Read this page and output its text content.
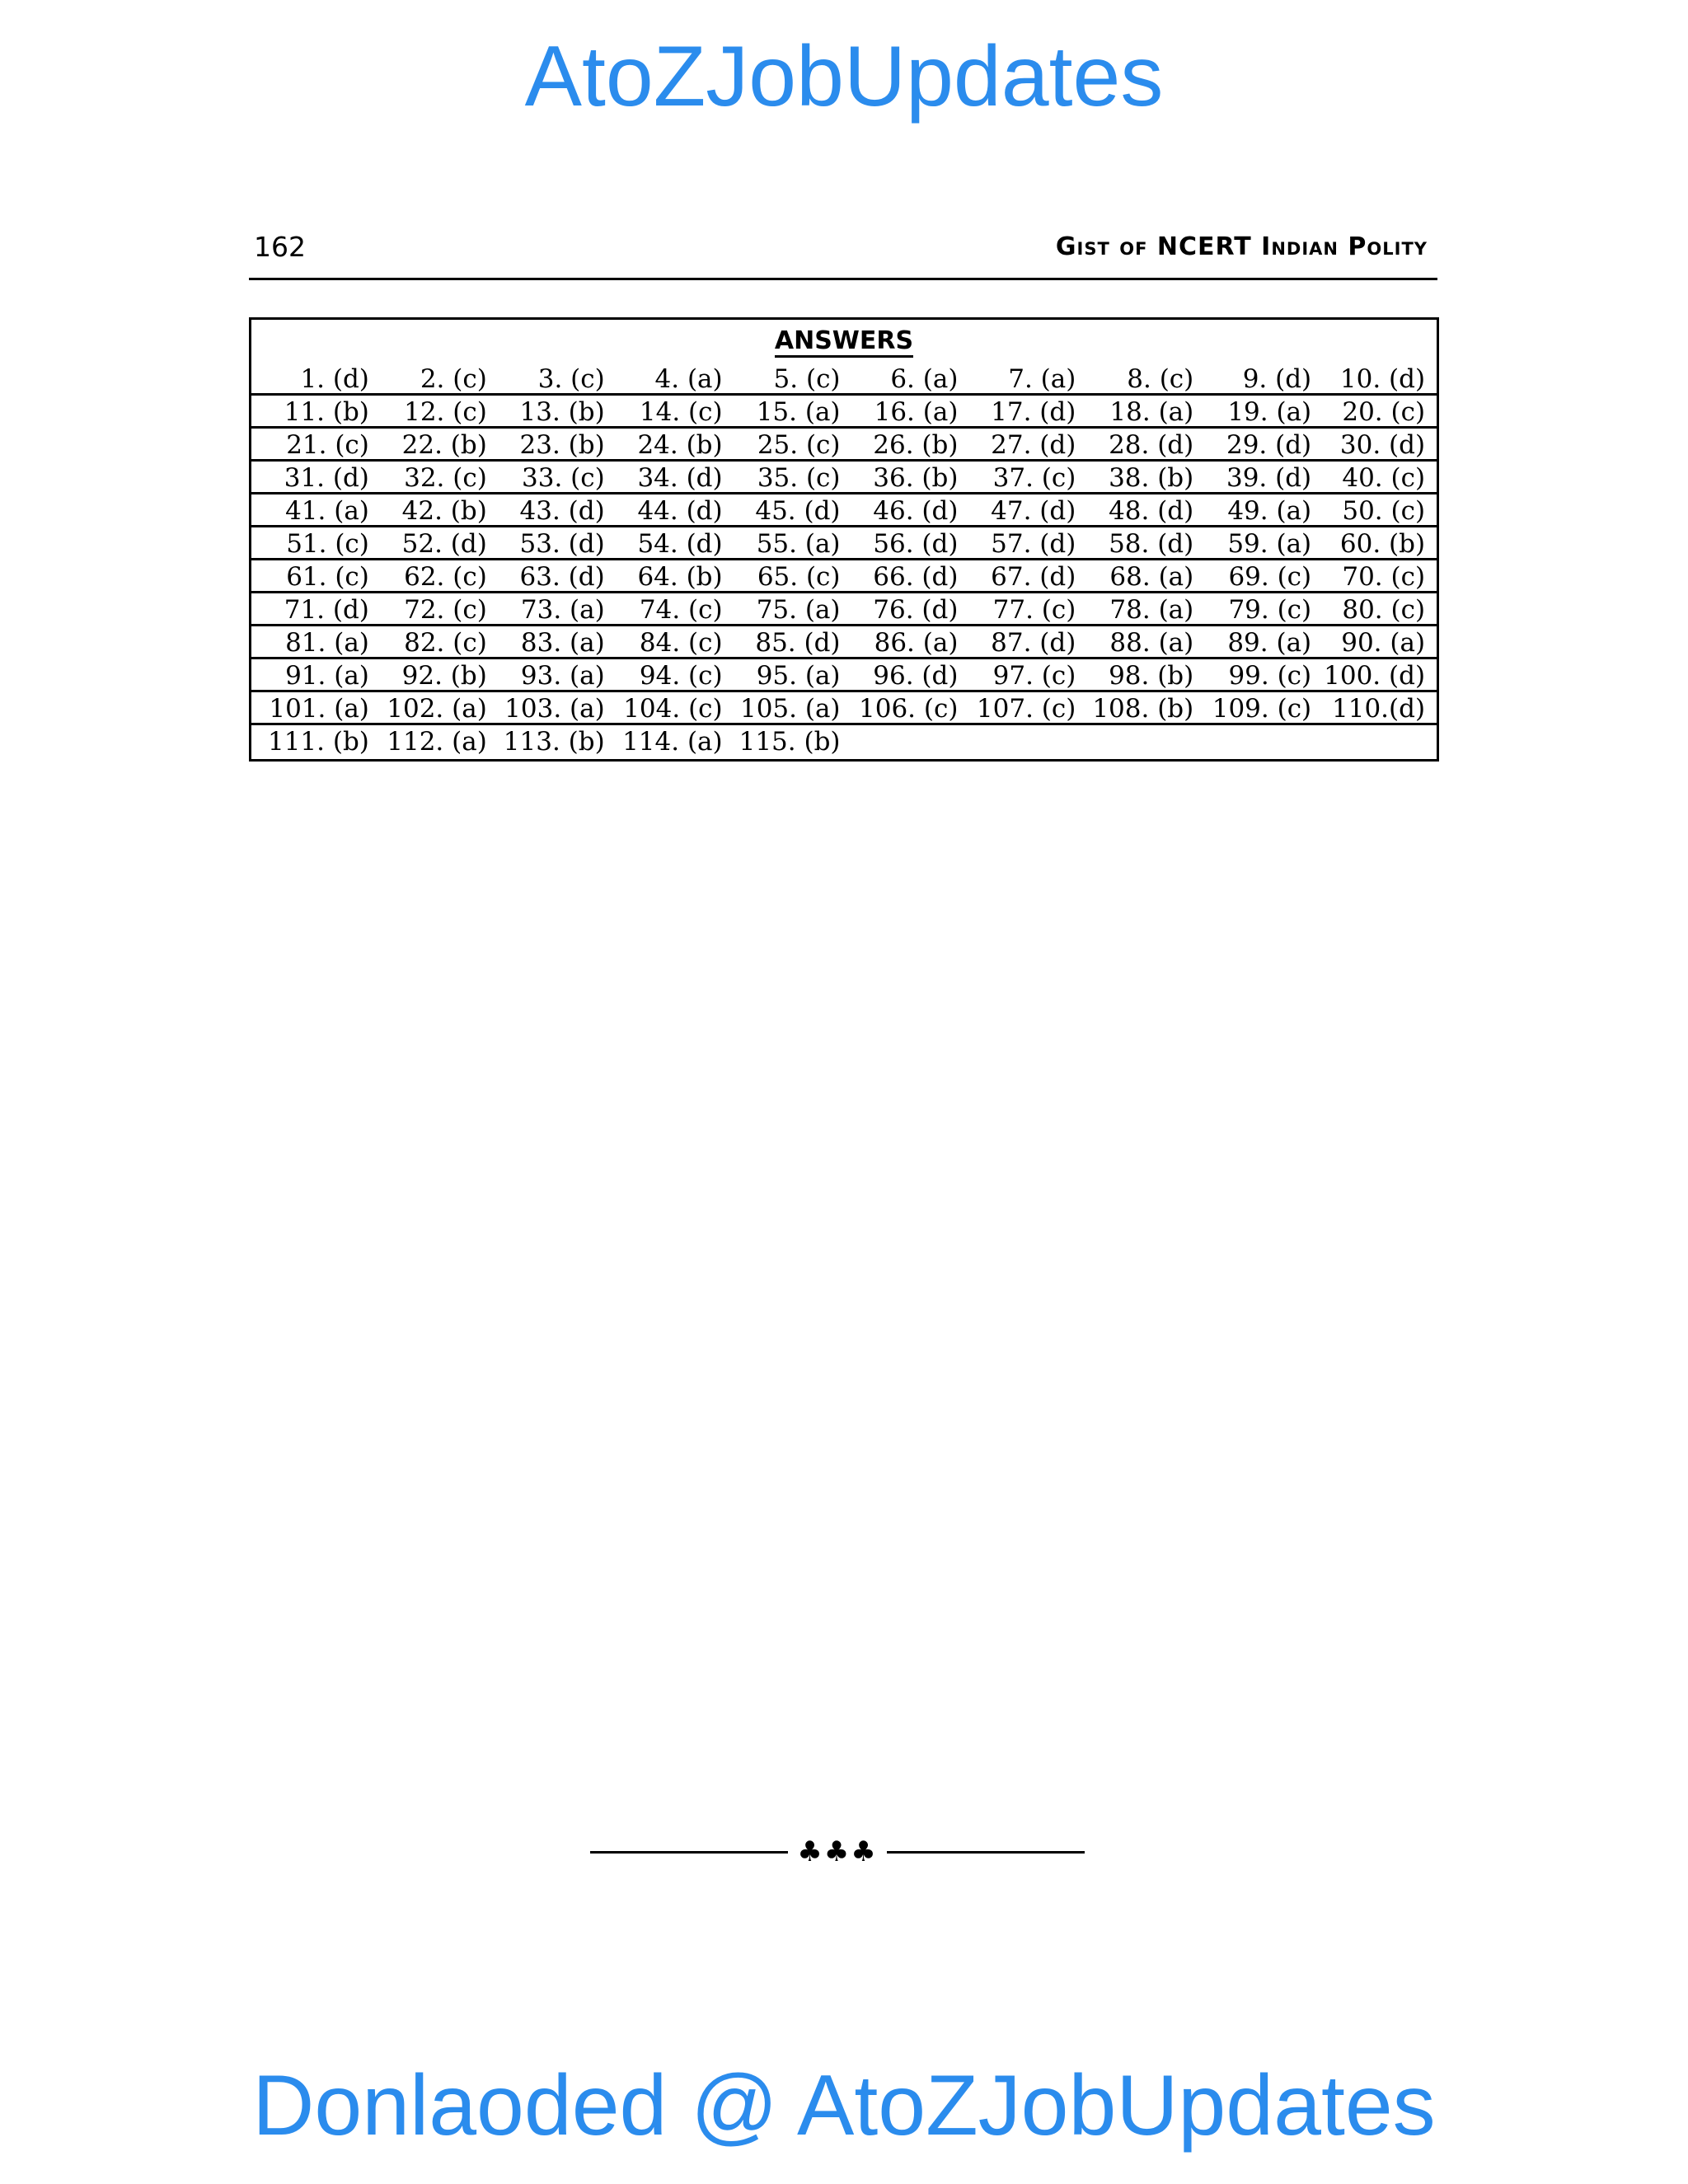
AtoZJobUpdates
162	Gist of NCERT Indian Polity
ANSWERS
1. (d)	2. (c)	3. (c)	4. (a)	5. (c)	6. (a)	7. (a)	8. (c)	9. (d)	10. (d)
11. (b)	12. (c)	13. (b)	14. (c)	15. (a)	16. (a)	17. (d)	18. (a)	19. (a)	20. (c)
21. (c)	22. (b)	23. (b)	24. (b)	25. (c)	26. (b)	27. (d)	28. (d)	29. (d)	30. (d)
31. (d)	32. (c)	33. (c)	34. (d)	35. (c)	36. (b)	37. (c)	38. (b)	39. (d)	40. (c)
41. (a)	42. (b)	43. (d)	44. (d)	45. (d)	46. (d)	47. (d)	48. (d)	49. (a)	50. (c)
51. (c)	52. (d)	53. (d)	54. (d)	55. (a)	56. (d)	57. (d)	58. (d)	59. (a)	60. (b)
61. (c)	62. (c)	63. (d)	64. (b)	65. (c)	66. (d)	67. (d)	68. (a)	69. (c)	70. (c)
71. (d)	72. (c)	73. (a)	74. (c)	75. (a)	76. (d)	77. (c)	78. (a)	79. (c)	80. (c)
81. (a)	82. (c)	83. (a)	84. (c)	85. (d)	86. (a)	87. (d)	88. (a)	89. (a)	90. (a)
91. (a)	92. (b)	93. (a)	94. (c)	95. (a)	96. (d)	97. (c)	98. (b)	99. (c) 100. (d)
101. (a) 102. (a) 103. (a) 104. (c) 105. (a) 106. (c) 107. (c) 108. (b) 109. (c) 110.(d)
111. (b) 112. (a) 113. (b) 114. (a) 115. (b)
♣♣♣
Donlaoded @ AtoZJobUpdates
